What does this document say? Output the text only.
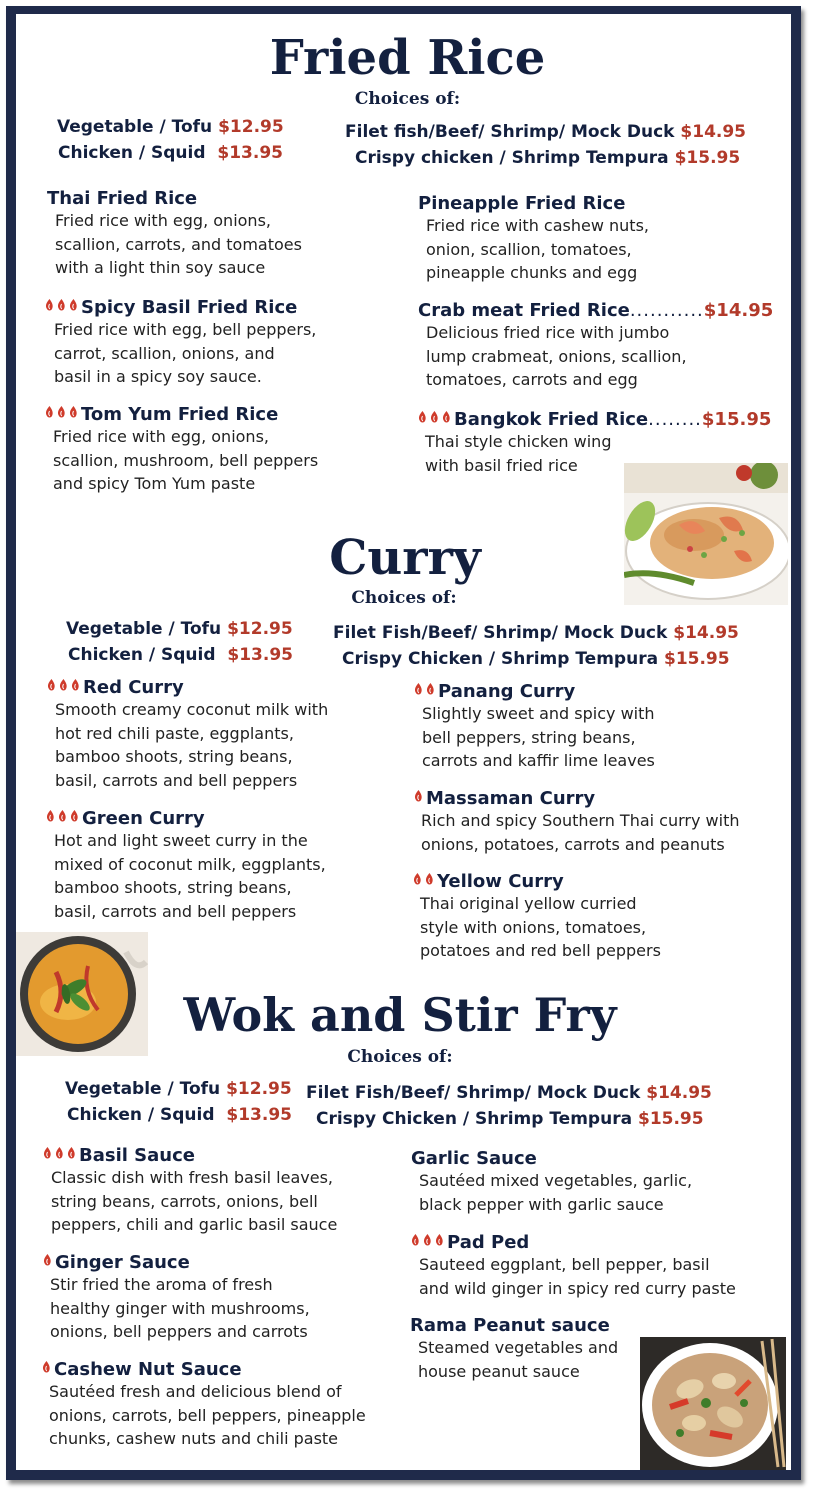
Fried Rice
Choices of:
Vegetable / Tofu $12.95
Chicken / Squid $13.95
Filet fish/Beef/ Shrimp/ Mock Duck $14.95
Crispy chicken / Shrimp Tempura $15.95
Thai Fried Rice
Fried rice with egg, onions,
scallion, carrots, and tomatoes
with a light thin soy sauce
Spicy Basil Fried Rice
Fried rice with egg, bell peppers,
carrot, scallion, onions, and
basil in a spicy soy sauce.
Tom Yum Fried Rice
Fried rice with egg, onions,
scallion, mushroom, bell peppers
and spicy Tom Yum paste
Pineapple Fried Rice
Fried rice with cashew nuts,
onion, scallion, tomatoes,
pineapple chunks and egg
Crab meat Fried Rice...........$14.95
Delicious fried rice with jumbo
lump crabmeat, onions, scallion,
tomatoes, carrots and egg
Bangkok Fried Rice........$15.95
Thai style chicken wing
with basil fried rice
Curry
Choices of:
Vegetable / Tofu $12.95
Chicken / Squid $13.95
Filet Fish/Beef/ Shrimp/ Mock Duck $14.95
Crispy Chicken / Shrimp Tempura $15.95
Red Curry
Smooth creamy coconut milk with
hot red chili paste, eggplants,
bamboo shoots, string beans,
basil, carrots and bell peppers
Green Curry
Hot and light sweet curry in the
mixed of coconut milk, eggplants,
bamboo shoots, string beans,
basil, carrots and bell peppers
Panang Curry
Slightly sweet and spicy with
bell peppers, string beans,
carrots and kaffir lime leaves
Massaman Curry
Rich and spicy Southern Thai curry with
onions, potatoes, carrots and peanuts
Yellow Curry
Thai original yellow curried
style with onions, tomatoes,
potatoes and red bell peppers
Wok and Stir Fry
Choices of:
Vegetable / Tofu $12.95
Chicken / Squid $13.95
Filet Fish/Beef/ Shrimp/ Mock Duck $14.95
Crispy Chicken / Shrimp Tempura $15.95
Basil Sauce
Classic dish with fresh basil leaves,
string beans, carrots, onions, bell
peppers, chili and garlic basil sauce
Ginger Sauce
Stir fried the aroma of fresh
healthy ginger with mushrooms,
onions, bell peppers and carrots
Cashew Nut Sauce
Sautéed fresh and delicious blend of
onions, carrots, bell peppers, pineapple
chunks, cashew nuts and chili paste
Garlic Sauce
Sautéed mixed vegetables, garlic,
black pepper with garlic sauce
Pad Ped
Sauteed eggplant, bell pepper, basil
and wild ginger in spicy red curry paste
Rama Peanut sauce
Steamed vegetables and
house peanut sauce
